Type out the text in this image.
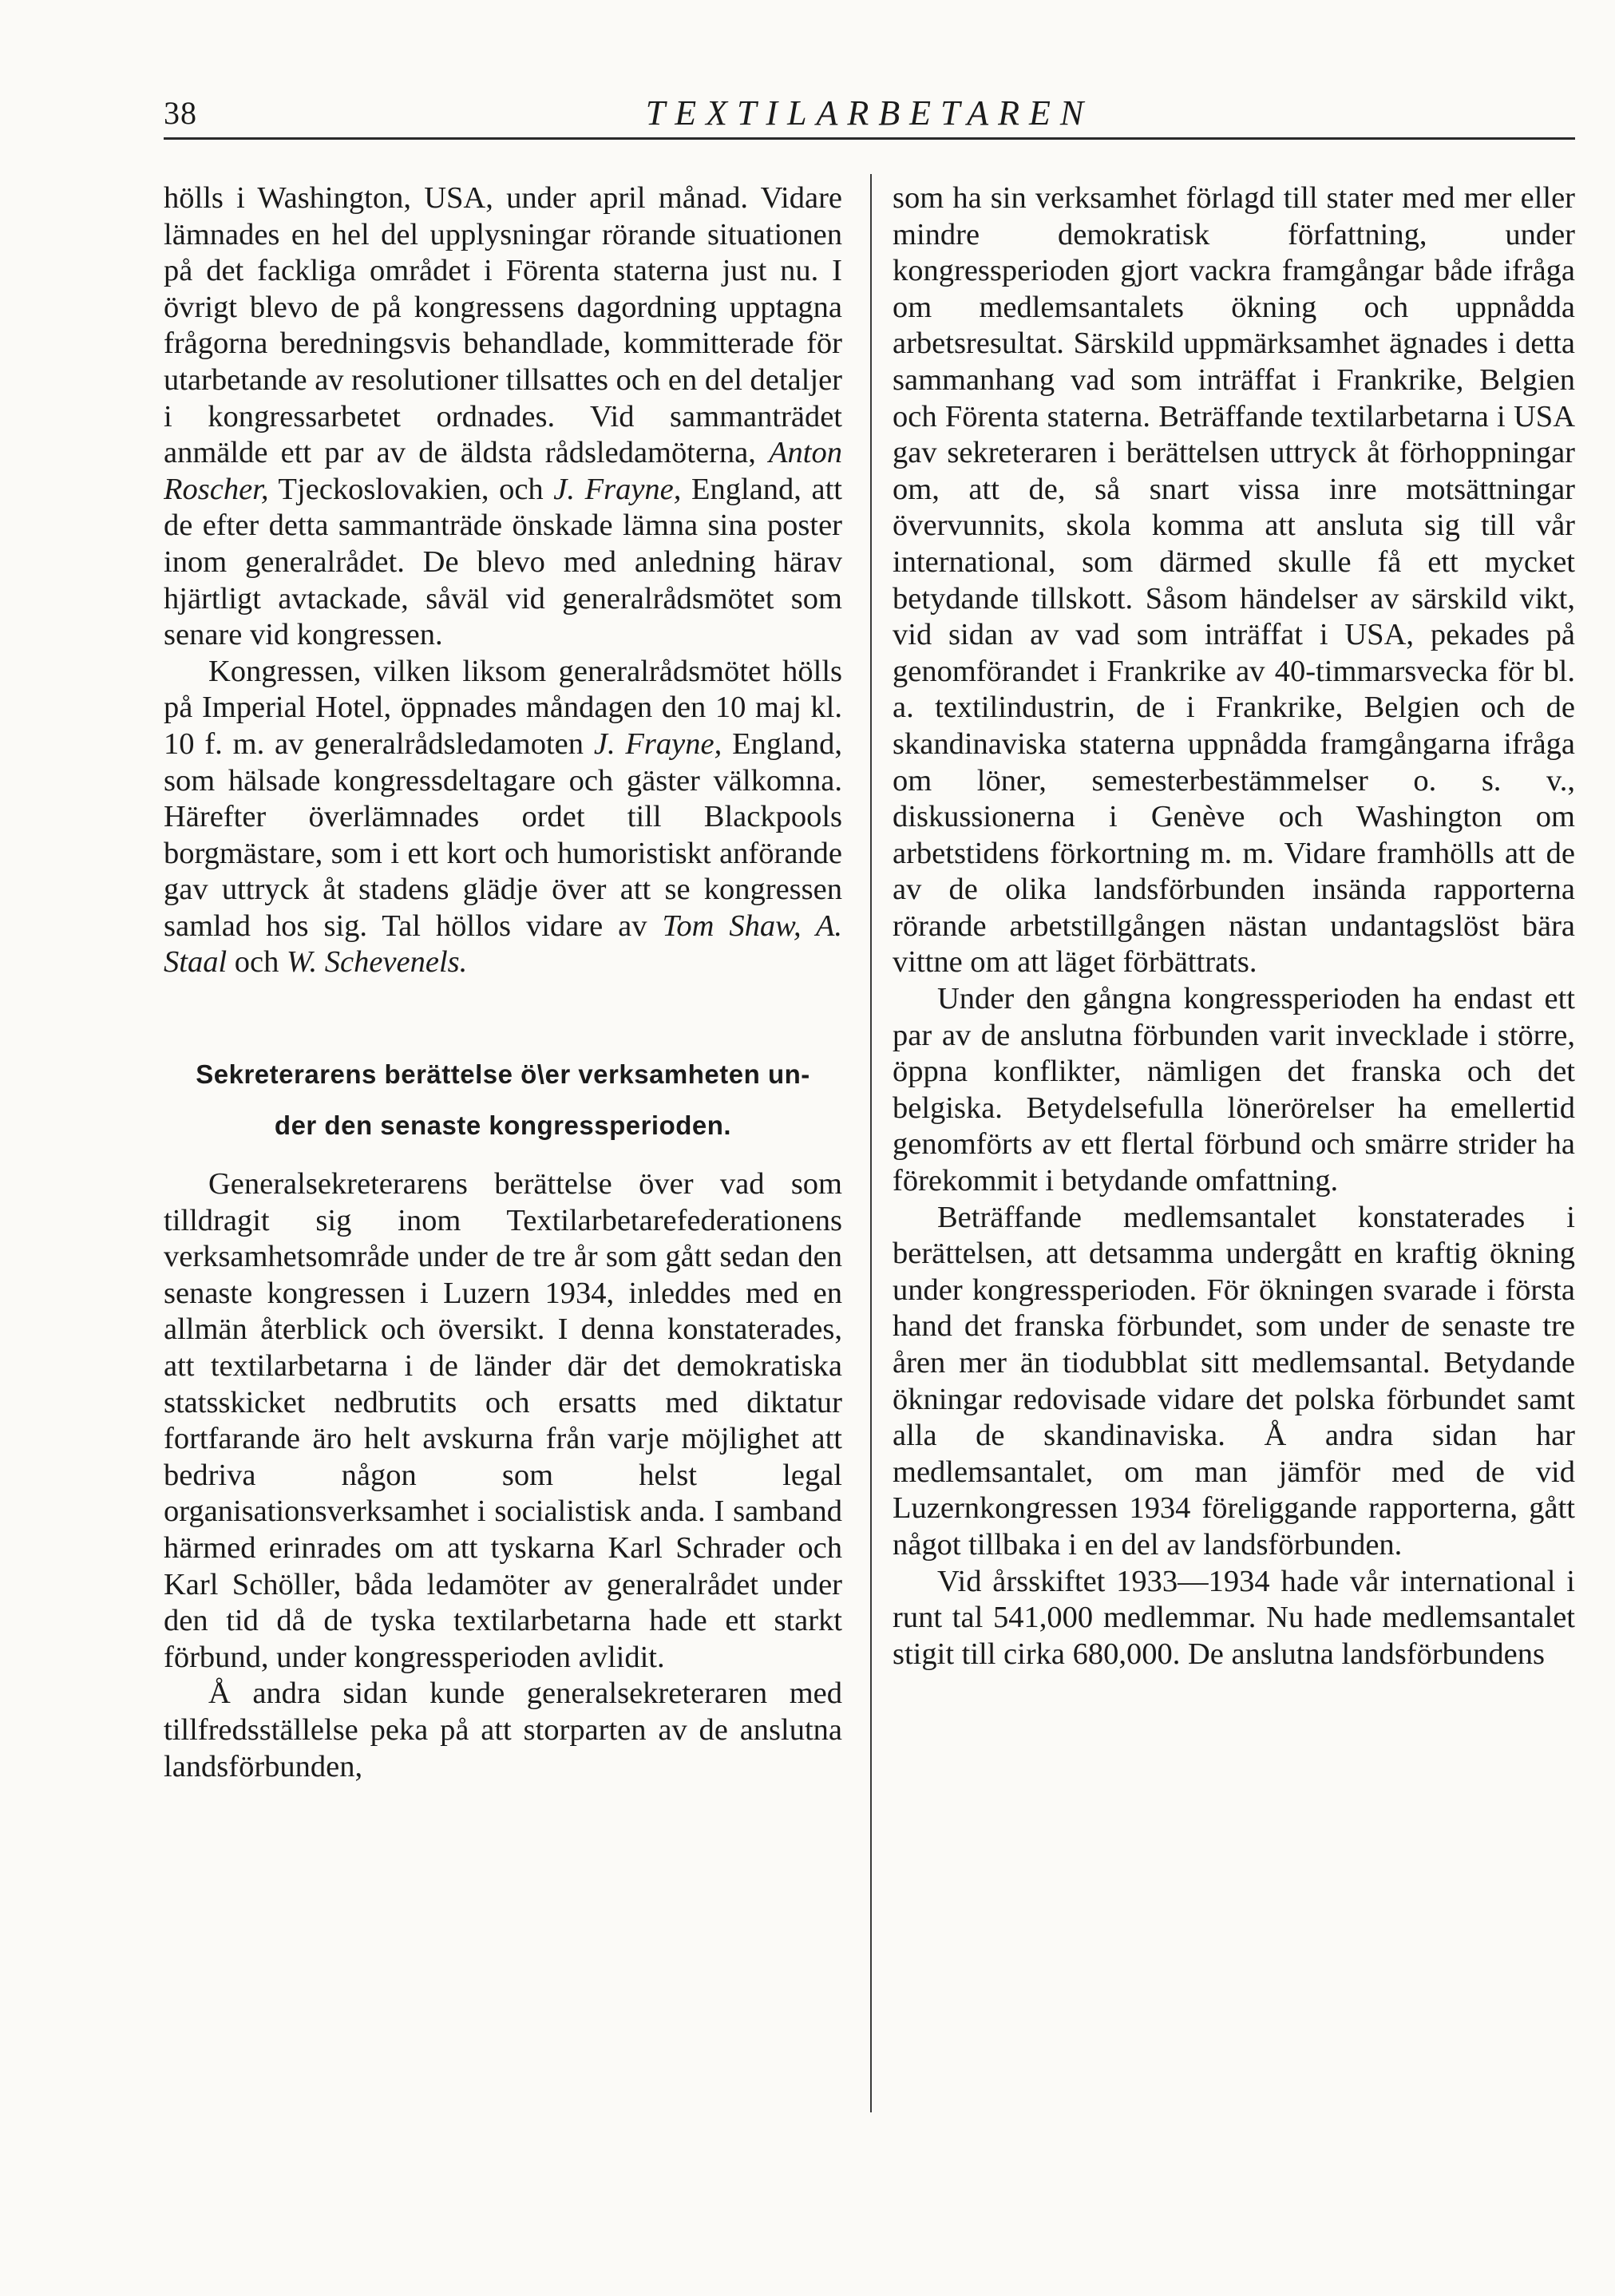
38	TEXTILARBETAREN

hölls i Washington, USA, under april månad. Vidare lämnades en hel del upplysningar rörande situationen på det fackliga området i Förenta staterna just nu. I övrigt blevo de på kongressens dagordning upptagna frågorna beredningsvis behandlade, kommitterade för utarbetande av resolutioner tillsattes och en del detaljer i kongressarbetet ordnades. Vid sammanträdet anmälde ett par av de äldsta rådsledamöterna, Anton Roscher, Tjeckoslovakien, och J. Frayne, England, att de efter detta sammanträde önskade lämna sina poster inom generalrådet. De blevo med anledning härav hjärtligt avtackade, såväl vid generalrådsmötet som senare vid kongressen.

Kongressen, vilken liksom generalrådsmötet hölls på Imperial Hotel, öppnades måndagen den 10 maj kl. 10 f. m. av generalrådsledamoten J. Frayne, England, som hälsade kongressdeltagare och gäster välkomna. Härefter överlämnades ordet till Blackpools borgmästare, som i ett kort och humoristiskt anförande gav uttryck åt stadens glädje över att se kongressen samlad hos sig. Tal höllos vidare av Tom Shaw, A. Staal och W. Schevenels.

Sekreterarens berättelse ö\er verksamheten un-
der den senaste kongressperioden.

Generalsekreterarens berättelse över vad som tilldragit sig inom Textilarbetarefederationens verksamhetsområde under de tre år som gått sedan den senaste kongressen i Luzern 1934, inleddes med en allmän återblick och översikt. I denna konstaterades, att textilarbetarna i de länder där det demokratiska statsskicket nedbrutits och ersatts med diktatur fortfarande äro helt avskurna från varje möjlighet att bedriva någon som helst legal organisationsverksamhet i socialistisk anda. I samband härmed erinrades om att tyskarna Karl Schrader och Karl Schöller, båda ledamöter av generalrådet under den tid då de tyska textilarbetarna hade ett starkt förbund, under kongressperioden avlidit.

Å andra sidan kunde generalsekreteraren med tillfredsställelse peka på att storparten av de anslutna landsförbunden,

som ha sin verksamhet förlagd till stater med mer eller mindre demokratisk författning, under kongressperioden gjort vackra framgångar både ifråga om medlemsantalets ökning och uppnådda arbetsresultat. Särskild uppmärksamhet ägnades i detta sammanhang vad som inträffat i Frankrike, Belgien och Förenta staterna. Beträffande textilarbetarna i USA gav sekreteraren i berättelsen uttryck åt förhoppningar om, att de, så snart vissa inre motsättningar övervunnits, skola komma att ansluta sig till vår international, som därmed skulle få ett mycket betydande tillskott. Såsom händelser av särskild vikt, vid sidan av vad som inträffat i USA, pekades på genomförandet i Frankrike av 40-timmarsvecka för bl. a. textilindustrin, de i Frankrike, Belgien och de skandinaviska staterna uppnådda framgångarna ifråga om löner, semesterbestämmelser o. s. v., diskussionerna i Genève och Washington om arbetstidens förkortning m. m. Vidare framhölls att de av de olika landsförbunden insända rapporterna rörande arbetstillgången nästan undantagslöst bära vittne om att läget förbättrats.

Under den gångna kongressperioden ha endast ett par av de anslutna förbunden varit invecklade i större, öppna konflikter, nämligen det franska och det belgiska. Betydelsefulla lönerörelser ha emellertid genomförts av ett flertal förbund och smärre strider ha förekommit i betydande omfattning.

Beträffande medlemsantalet konstaterades i berättelsen, att detsamma undergått en kraftig ökning under kongressperioden. För ökningen svarade i första hand det franska förbundet, som under de senaste tre åren mer än tiodubblat sitt medlemsantal. Betydande ökningar redovisade vidare det polska förbundet samt alla de skandinaviska. Å andra sidan har medlemsantalet, om man jämför med de vid Luzernkongressen 1934 föreliggande rapporterna, gått något tillbaka i en del av landsförbunden.

Vid årsskiftet 1933—1934 hade vår international i runt tal 541,000 medlemmar. Nu hade medlemsantalet stigit till cirka 680,000. De anslutna landsförbundens
